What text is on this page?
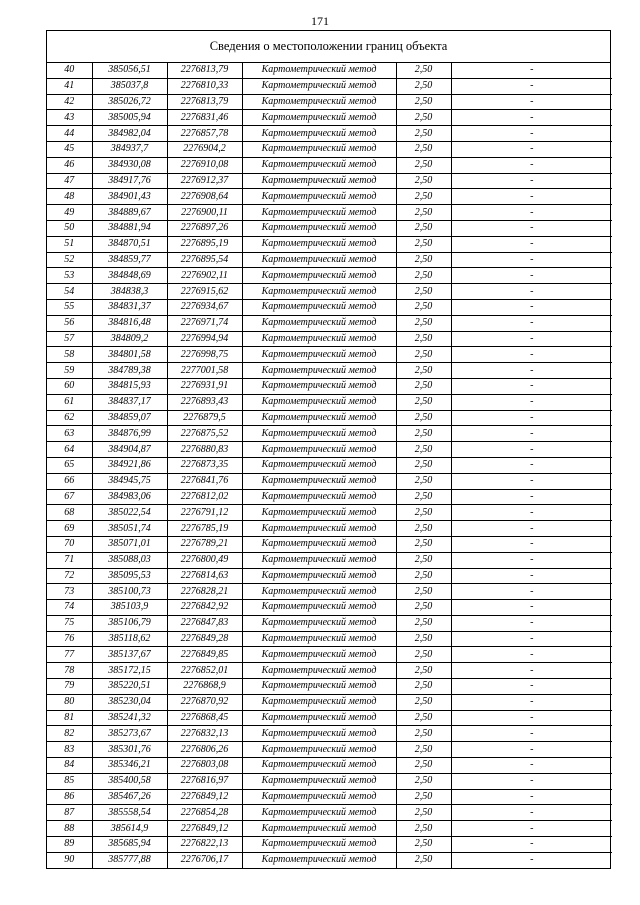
171
Сведения о местоположении границ объекта
40	385056,51	2276813,79	Картометрический метод	2,50	-
41	385037,8	2276810,33	Картометрический метод	2,50	-
42	385026,72	2276813,79	Картометрический метод	2,50	-
43	385005,94	2276831,46	Картометрический метод	2,50	-
44	384982,04	2276857,78	Картометрический метод	2,50	-
45	384937,7	2276904,2	Картометрический метод	2,50	-
46	384930,08	2276910,08	Картометрический метод	2,50	-
47	384917,76	2276912,37	Картометрический метод	2,50	-
48	384901,43	2276908,64	Картометрический метод	2,50	-
49	384889,67	2276900,11	Картометрический метод	2,50	-
50	384881,94	2276897,26	Картометрический метод	2,50	-
51	384870,51	2276895,19	Картометрический метод	2,50	-
52	384859,77	2276895,54	Картометрический метод	2,50	-
53	384848,69	2276902,11	Картометрический метод	2,50	-
54	384838,3	2276915,62	Картометрический метод	2,50	-
55	384831,37	2276934,67	Картометрический метод	2,50	-
56	384816,48	2276971,74	Картометрический метод	2,50	-
57	384809,2	2276994,94	Картометрический метод	2,50	-
58	384801,58	2276998,75	Картометрический метод	2,50	-
59	384789,38	2277001,58	Картометрический метод	2,50	-
60	384815,93	2276931,91	Картометрический метод	2,50	-
61	384837,17	2276893,43	Картометрический метод	2,50	-
62	384859,07	2276879,5	Картометрический метод	2,50	-
63	384876,99	2276875,52	Картометрический метод	2,50	-
64	384904,87	2276880,83	Картометрический метод	2,50	-
65	384921,86	2276873,35	Картометрический метод	2,50	-
66	384945,75	2276841,76	Картометрический метод	2,50	-
67	384983,06	2276812,02	Картометрический метод	2,50	-
68	385022,54	2276791,12	Картометрический метод	2,50	-
69	385051,74	2276785,19	Картометрический метод	2,50	-
70	385071,01	2276789,21	Картометрический метод	2,50	-
71	385088,03	2276800,49	Картометрический метод	2,50	-
72	385095,53	2276814,63	Картометрический метод	2,50	-
73	385100,73	2276828,21	Картометрический метод	2,50	-
74	385103,9	2276842,92	Картометрический метод	2,50	-
75	385106,79	2276847,83	Картометрический метод	2,50	-
76	385118,62	2276849,28	Картометрический метод	2,50	-
77	385137,67	2276849,85	Картометрический метод	2,50	-
78	385172,15	2276852,01	Картометрический метод	2,50	-
79	385220,51	2276868,9	Картометрический метод	2,50	-
80	385230,04	2276870,92	Картометрический метод	2,50	-
81	385241,32	2276868,45	Картометрический метод	2,50	-
82	385273,67	2276832,13	Картометрический метод	2,50	-
83	385301,76	2276806,26	Картометрический метод	2,50	-
84	385346,21	2276803,08	Картометрический метод	2,50	-
85	385400,58	2276816,97	Картометрический метод	2,50	-
86	385467,26	2276849,12	Картометрический метод	2,50	-
87	385558,54	2276854,28	Картометрический метод	2,50	-
88	385614,9	2276849,12	Картометрический метод	2,50	-
89	385685,94	2276822,13	Картометрический метод	2,50	-
90	385777,88	2276706,17	Картометрический метод	2,50	-
